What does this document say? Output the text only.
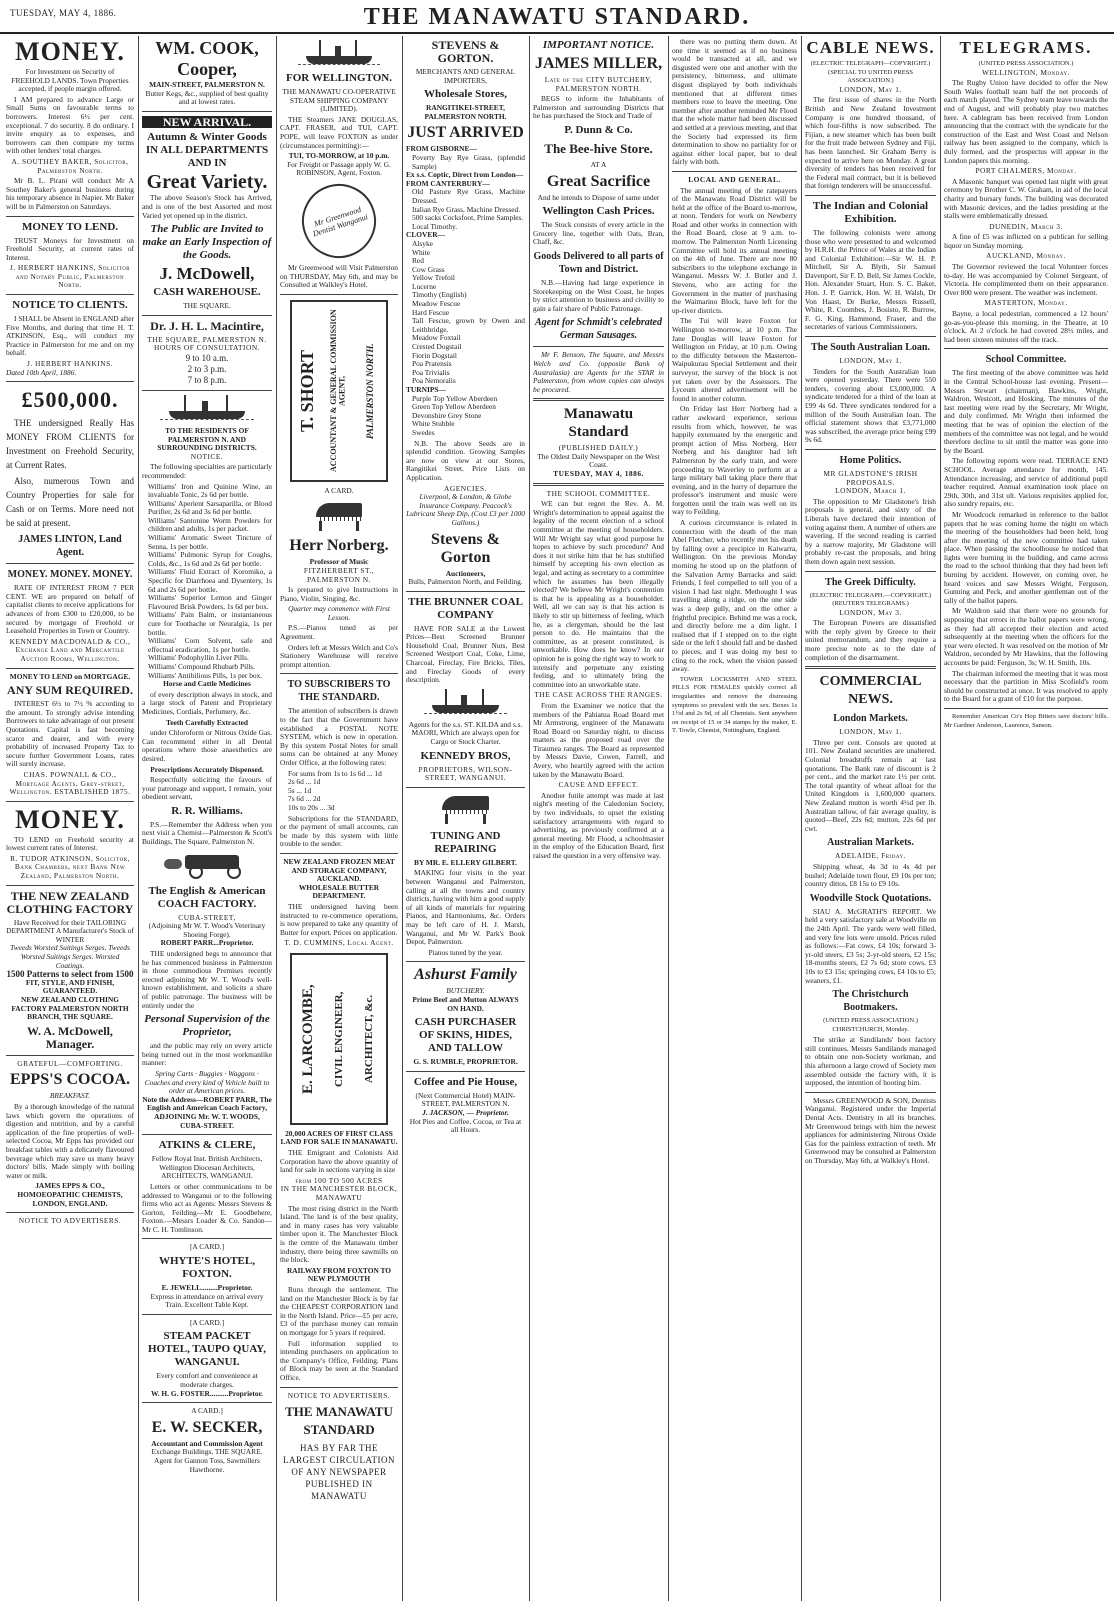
TUESDAY, MAY 4, 1886.	THE MANAWATU STANDARD.
MONEY.
For Investment on Security of FREEHOLD LANDS. Town Properties accepted, if people margin offered.
I AM prepared to advance Large or Small Sums on favourable terms to borrowers. Interest 6½ per cent. exceptional. 7 do security. 8 do ordinary. I invite enquiry as to expenses, and borrowers can then compare my terms with other lenders' total charges.
A. SOUTHEY BAKER, Solicitor, Palmerston North.
Mr B. L. Pirani will conduct Mr A Southey Baker's general business during his temporary absence in Napier. Mr Baker will be in Palmerston on Saturdays.
MONEY TO LEND.
TRUST Moneys for Investment on Freehold Security, at current rates of Interest.
J. HERBERT HANKINS, Solicitor and Notary Public, Palmerston North.
NOTICE TO CLIENTS.
I SHALL be Absent in ENGLAND after Five Months, and during that time H. T. ATKINSON, Esq., will conduct my Practice in Palmerston for me and on my behalf.
J. HERBERT HANKINS.
Dated 10th April, 1886.
£500,000.
THE undersigned Really Has MONEY FROM CLIENTS for Investment on Freehold Security, at Current Rates.
Also, numerous Town and Country Properties for sale for Cash or on Terms. More need not be said at present.
JAMES LINTON, Land Agent.
MONEY. MONEY. MONEY.
RATE OF INTEREST FROM 7 PER CENT. WE are prepared on behalf of capitalist clients to receive applications for advances of from £300 to £20,000, to be secured by mortgage of Freehold or Leasehold Properties in Town or Country.
KENNEDY MACDONALD & CO., Exchange Land and Mercantile Auction Rooms, Wellington.
MONEY TO LEND on MORTGAGE.
ANY SUM REQUIRED.
INTEREST 6½ to 7½ % according to the amount. To strongly advise intending Borrowers to take advantage of our present Quotations. Capital is fast becoming scarce and dearer, and with every probability of increased Property Tax to secure further Government Loans, rates will surely increase.
CHAS. POWNALL & CO., Mortgage Agents, Grey-street, Wellington. ESTABLISHED 1875.
MONEY.
TO LEND on Freehold security at lowest current rates of Interest.
R. TUDOR ATKINSON, Solicitor, Bank Chambers, next Bank New Zealand, Palmerston North.
THE NEW ZEALAND CLOTHING FACTORY
Have Received for their TAILORING DEPARTMENT A Manufacturer's Stock of WINTER
Tweeds Worsted Suitings Serges. Tweeds Worsted Suitings Serges. Worsted Coatings.
1500 Patterns to select from 1500
FIT, STYLE, AND FINISH, GUARANTEED.
NEW ZEALAND CLOTHING FACTORY PALMERSTON NORTH BRANCH, THE SQUARE.
W. A. McDowell, Manager.
GRATEFUL—COMFORTING.
EPPS'S COCOA.
BREAKFAST.
By a thorough knowledge of the natural laws which govern the operations of digestion and nutrition, and by a careful application of the fine properties of well-selected Cocoa, Mr Epps has provided our breakfast tables with a delicately flavoured beverage which may save us many heavy doctors' bills. Made simply with boiling water or milk.
JAMES EPPS & CO., HOMOEOPATHIC CHEMISTS, LONDON, ENGLAND.
NOTICE TO ADVERTISERS.
WM. COOK,
Cooper,
MAIN-STREET, PALMERSTON N.
Butter Kegs, &c., supplied of best quality and at lowest rates.
NEW ARRIVAL.
Autumn & Winter Goods IN ALL DEPARTMENTS AND IN
Great Variety.
The above Season's Stock has Arrived, and is one of the best Assorted and most Varied yet opened up in the district.
The Public are Invited to make an Early Inspection of the Goods.
J. McDowell,
CASH WAREHOUSE.
THE SQUARE.
Dr. J. H. L. Macintire,
THE SQUARE, PALMERSTON N.
HOURS OF CONSULTATION.
9 to 10 a.m.
2 to 3 p.m.
7 to 8 p.m.
TO THE RESIDENTS OF PALMERSTON N. AND SURROUNDING DISTRICTS.
NOTICE.
The following specialties are particularly recommended:
Williams' Iron and Quinine Wine, an invaluable Tonic, 2s 6d per bottle.
Williams' Aperient Sarsaparilla, or Blood Purifier, 2s 6d and 3s 6d per bottle.
Williams' Santonine Worm Powders for children and adults, 1s per packet.
Williams' Aromatic Sweet Tincture of Senna, 1s per bottle.
Williams' Pulmonic Syrup for Coughs, Colds, &c., 1s 6d and 2s 6d per bottle.
Williams' Fluid Extract of Koromiko, a Specific for Diarrhoea and Dysentery, 1s 6d and 2s 6d per bottle.
Williams' Superior Lemon and Ginger Flavoured Brisk Powders, 1s 6d per box.
Williams' Pain Balm, or instantaneous cure for Toothache or Neuralgia, 1s per bottle.
Williams' Corn Solvent, safe and effectual eradication, 1s per bottle.
Williams' Podophyllin Liver Pills.
Williams' Compound Rhubarb Pills.
Williams' Antibilious Pills, 1s per box.
Horse and Cattle Medicines
of every description always in stock, and a large stock of Patent and Proprietary Medicines, Cordials, Perfumery, &c.
Teeth Carefully Extracted
under Chloroform or Nitrous Oxide Gas. Can recommend either in all Dental operations where those anaesthetics are desired.
Prescriptions Accurately Dispensed.
Respectfully soliciting the favours of your patronage and support, I remain, your obedient servant,
R. R. Williams.
P.S.—Remember the Address when you next visit a Chemist—Palmerston & Scott's Buildings, The Square, Palmerston N.
The English & American COACH FACTORY.
CUBA-STREET,
(Adjoining Mr W. T. Wood's Veterinary Shoeing Forge).
ROBERT PARR...Proprietor.
THE undersigned begs to announce that he has commenced business in Palmerston in those commodious Premises recently erected adjoining Mr W. T. Wood's well-known establishment, and solicits a share of public patronage. The business will be entirely under the
Personal Supervision of the Proprietor,
and the public may rely on every article being turned out in the most workmanlike manner:
Spring Carts · Buggies · Waggons · Coaches and every kind of Vehicle built to order at American prices.
Note the Address—ROBERT PARR, The English and American Coach Factory, ADJOINING Mr. W. T. WOODS, CUBA-STREET.
ATKINS & CLERE,
Fellow Royal Inst. British Architects, Wellington Diocesan Architects, ARCHITECTS, WANGANUI.
Letters or other communications to be addressed to Wanganui or to the following firms who act as Agents: Messrs Stevens & Gorton, Feilding—Mr E. Goodbehere, Foxton.—Messrs Loader & Co. Sandon—Mr C. H. Tomlinson.
[A CARD.]
WHYTE'S HOTEL, FOXTON.
E. JEWELL.........Proprietor.
Express in attendance on arrival every Train. Excellent Table Kept.
[A CARD.]
STEAM PACKET HOTEL, TAUPO QUAY, WANGANUI.
Every comfort and convenience at moderate charges.
W. H. G. FOSTER..........Proprietor.
A CARD.]
E. W. SECKER,
Accountant and Commission Agent
Exchange Buildings, THE SQUARE. Agent for Gannon Toss, Sawmillers Hawthorne.
FOR WELLINGTON.
THE MANAWATU CO-OPERATIVE STEAM SHIPPING COMPANY (LIMITED).
THE Steamers JANE DOUGLAS, CAPT. FRASER, and TUI, CAPT. POPE, will leave FOXTON as under (circumstances permitting):—
TUI, TO-MORROW, at 10 p.m.
For Freight or Passage apply W. G. ROBINSON, Agent, Foxton.
Mr Greenwood Dentist Wanganui
Mr Greenwood will Visit Palmerston on THURSDAY, May 6th, and may be Consulted at Walkley's Hotel.
T. SHORT ACCOUNTANT & GENERAL COMMISSION AGENT, PALMERSTON NORTH.
A CARD.
Herr Norberg.
Professor of Music
FITZHERBERT ST., PALMERSTON N.
Is prepared to give Instructions in Piano, Violin, Singing, &c.
Quarter may commence with First Lesson.
P.S.—Pianos tuned as per Agreement.
Orders left at Messrs Welch and Co's Stationery Warehouse will receive prompt attention.
TO SUBSCRIBERS TO THE STANDARD.
The attention of subscribers is drawn to the fact that the Government have established a POSTAL NOTE SYSTEM, which is now in operation. By this system Postal Notes for small sums can be obtained at any Money Order Office, at the following rates:
For sums from 1s to 1s 6d ... 1d
2s 6d ... 1d
5s ... 1d
7s 6d ... 2d
10s to 20s ... 3d
Subscriptions for the STANDARD, or the payment of small accounts, can be made by this system with little trouble to the sender.
NEW ZEALAND FROZEN MEAT AND STORAGE COMPANY, AUCKLAND.
WHOLESALE BUTTER DEPARTMENT.
THE undersigned having been instructed to re-commence operations, is now prepared to take any quantity of Butter for export. Prices on application.
T. D. CUMMINS, Local Agent.
E. LARCOMBE, CIVIL ENGINEER, ARCHITECT, &c.
20,000 ACRES OF FIRST CLASS LAND FOR SALE IN MANAWATU.
THE Emigrant and Colonists Aid Corporation have the above quantity of land for sale in sections varying in size
from 100 TO 500 ACRES
IN THE MANCHESTER BLOCK, MANAWATU
The most rising district in the North Island. The land is of the best quality, and in many cases has very valuable timber upon it. The Manchester Block is the centre of the Manawatu timber industry, there being three sawmills on the block.
RAILWAY FROM FOXTON TO NEW PLYMOUTH
Runs through the settlement. The land on the Manchester Block is by far the CHEAPEST CORPORATION land in the North Island. Price—£5 per acre, £3 of the purchase money can remain on mortgage for 5 years if required.
Full information supplied to intending purchasers on application to the Company's Office, Feilding. Plans of Block may be seen at the Standard Office.
NOTICE TO ADVERTISERS.
THE MANAWATU STANDARD
HAS BY FAR THE LARGEST CIRCULATION OF ANY NEWSPAPER PUBLISHED IN MANAWATU
STEVENS & GORTON.
MERCHANTS AND GENERAL IMPORTERS,
Wholesale Stores,
RANGITIKEI-STREET, PALMERSTON NORTH.
JUST ARRIVED
FROM GISBORNE—
Poverty Bay Rye Grass, (splendid Sample)
Ex s.s. Coptic, Direct from London—
FROM CANTERBURY—
Old Pasture Rye Grass, Machine Dressed.
Italian Rye Grass, Machine Dressed.
500 sacks Cocksfoot, Prime Samples.
Local Timothy.
CLOVER—
Alsyke
White
Red
Cow Grass
Yellow Trefoil
Lucerne
Timothy (English)
Meadow Fescue
Hard Fescue
Tall Fescue, grown by Owen and Leithbridge.
Meadow Foxtail
Crested Dogstail
Fiorin Dogstail
Poa Pratensis
Poa Trivialis
Poa Nemoralis
TURNIPS—
Purple Top Yellow Aberdeen
Green Top Yellow Aberdeen
Devonshire Grey Stone
White Stubble
Swedes
N.B. The above Seeds are in splendid condition. Growing Samples are now on view at our Stores, Rangitikei Street. Price Lists on Application.
AGENCIES.
Liverpool, & London, & Globe Insurance Company. Peacock's Lubricant Sheep Dip, (Cost £3 per 1000 Gallons.)
Stevens & Gorton
Auctioneers,
Bulls, Palmerston North, and Feilding.
THE BRUNNER COAL COMPANY
HAVE FOR SALE at the Lowest Prices—Best Screened Brunner Household Coal, Brunner Nuts, Best Screened Westport Coal, Coke, Lime, Charcoal, Fireclay, Fire Bricks, Tiles, and Fireclay Goods of every description.
Agents for the s.s. ST. KILDA and s.s. MAORI, Which are always open for Cargo or Stock Charter.
KENNEDY BROS,
PROPRIETORS, WILSON-STREET, WANGANUI.
TUNING AND REPAIRING
BY MR. E. ELLERY GILBERT.
MAKING four visits in the year between Wanganui and Palmerston, calling at all the towns and country districts, having with him a good supply of all kinds of materials for repairing Pianos, and Harmoniums, &c. Orders may be left care of H. J. Marsh, Wanganui, and Mr W. Park's Book Depot, Palmerston.
Pianos tuned by the year.
Ashurst Family
BUTCHERY.
Prime Beef and Mutton ALWAYS ON HAND.
CASH PURCHASER OF SKINS, HIDES, AND TALLOW
G. S. RUMBLE, PROPRIETOR.
Coffee and Pie House,
(Next Commercial Hotel) MAIN-STREET, PALMERSTON N.
J. JACKSON, — Proprietor.
Hot Pies and Coffee, Cocoa, or Tea at all Hours.
IMPORTANT NOTICE.
JAMES MILLER,
Late of the CITY BUTCHERY, PALMERSTON NORTH.
BEGS to inform the Inhabitants of Palmerston and surrounding Districts that he has purchased the Stock and Trade of
P. Dunn & Co.
The Bee-hive Store.
AT A
Great Sacrifice
And he intends to Dispose of same under
Wellington Cash Prices.
The Stock consists of every article in the Grocery line, together with Oats, Bran, Chaff, &c.
Goods Delivered to all parts of Town and District.
N.B.—Having had large experience in Storekeeping on the West Coast, he hopes by strict attention to business and civility to gain a fair share of Public Patronage.
Agent for Schmidt's celebrated German Sausages.
Mr F. Benson, The Square, and Messrs Welch and Co. (opposite Bank of Australasia) are Agents for the STAR in Palmerston, from whom copies can always be procured.
Manawatu Standard
(PUBLISHED DAILY.)
The Oldest Daily Newspaper on the West Coast.
TUESDAY, MAY 4, 1886.
THE SCHOOL COMMITTEE.
WE can but regret the Rev. A. M. Wright's determination to appeal against the legality of the recent election of a school committee at the meeting of householders. Will Mr Wright say what good purpose he hopes to achieve by such procedure? And does it not strike him that he has stultified himself by accepting his own election as legal, and acting as secretary to a committee which he assumes has been illegally elected? We believe Mr Wright's contention is that he is appealing as a householder. Well, all we can say is that his action is likely to stir up bitterness of feeling, which he, as a clergyman, should be the last person to do. He maintains that the committee, as at present constituted, is unworkable. How does he know? In our opinion he is going the right way to work to intensify and perpetuate any existing feeling, and to ultimately bring the committee into an unworkable state.
THE CASE ACROSS THE RANGES.
From the Examiner we notice that the members of the Pahiatua Road Board met Mr Armstrong, engineer of the Manawatu Road Board on Saturday night, to discuss matters as the proposed road over the Tiraumea ranges. The Board as represented by Messrs Davie, Cowen, Farrell, and Avery, who heartily agreed with the action taken by the Manawatu Board.
CAUSE AND EFFECT.
Another futile attempt was made at last night's meeting of the Caledonian Society, by two individuals, to upset the existing satisfactory arrangements with regard to advertising, as previously confirmed at a general meeting. Mr Flood, a schoolmaster in the employ of the Education Board, first raised the question in a very offensive way.
there was no putting them down. At one time it seemed as if no business would be transacted at all, and we disgusted were one and another with the persistency, bitterness, and ultimate disgust displayed by both individuals mentioned that at different times members rose to leave the meeting. One member after another reminded Mr Flood that the whole matter had been discussed and settled at a previous meeting, and that the Society had expressed its firm determination to show no partiality for or against either local paper, but to deal fairly with both.
LOCAL AND GENERAL.
The annual meeting of the ratepayers of the Manawatu Road District will be held at the office of the Board to-morrow, at noon. Tenders for work on Newberry Road and other works in connection with the Road Board, close at 9 a.m. to-morrow. The Palmerston North Licensing Committee will hold its annual meeting on the 4th of June. There are now 80 subscribers to the telephone exchange in Wanganui. Messrs W. J. Butler and J. Stevens, who are acting for the Government in the matter of purchasing the Waimarino Block, have left for the up-river districts.
The Tui will leave Foxton for Wellington to-morrow, at 10 p.m. The Jane Douglas will leave Foxton for Wellington on Friday, at 10 p.m. Owing to the difficulty between the Masterton-Waipukurau Special Settlement and their surveyor, the survey of the block is not yet taken over by the Assessors. The Lyceum altered advertisement will be found in another column.
On Friday last Herr Norberg had a rather awkward experience, serious results from which, however, he was happily extenuated by the energetic and prompt action of Miss Norberg. Herr Norberg and his daughter had left Palmerston by the early train, and were proceeding to Waverley to perform at a large military ball taking place there that evening, and in the hurry of departure the professor's instrument and music were forgotten until the train was well on its way to Feilding.
A curious circumstance is related in connection with the death of the man Abel Fletcher, who recently met his death by falling over a precipice in Kaiwarra, Wellington. On the previous Monday morning he stood up on the platform of the Salvation Army Barracks and said: Friends, I feel compelled to tell you of a vision I had last night. Methought I was travelling along a ridge, on the one side was a deep gully, and on the other a frightful precipice. Behind me was a rock, and directly before me a dim light. I realised that if I stepped on to the right side or the left I should fall and be dashed to pieces, and I was doing my best to cling to the rock, when the vision passed away.
TOWER LOCKSMITH AND STEEL PILLS FOR FEMALES quickly correct all irregularities and remove the distressing symptoms so prevalent with the sex. Boxes 1s 1½d and 2s 9d, of all Chemists. Sent anywhere on receipt of 15 or 34 stamps by the maker, E. T. Towle, Chemist, Nottingham, England.
CABLE NEWS.
(ELECTRIC TELEGRAPH—COPYRIGHT.) (SPECIAL TO UNITED PRESS ASSOCIATION.)
LONDON, May 1.
The first issue of shares in the North British and New Zealand Investment Company is one hundred thousand, of which four-fifths is now subscribed. The Fijian, a new steamer which has been built for the fruit trade between Sydney and Fiji, has been launched. Sir Graham Berry is expected to arrive here on Monday. A great diversity of tenders has been received for the Federal mail contract, but it is believed that foreign tenderers will be unsuccessful.
The Indian and Colonial Exhibition.
The following colonists were among those who were presented to and welcomed by H.R.H. the Prince of Wales at the Indian and Colonial Exhibition:—Sir W. H. P. Mitchell, Sir A. Blyth, Sir Samuel Davenport, Sir F. D. Bell, Sir James Cockle, Hon. Alexander Stuart, Hon. S. C. Baker, Hon. J. P. Garrick, Hon. W. H. Walsh, Dr Von Haast, Dr Burke, Messrs Russell, White, R. Coombes, J. Bosisto, R. Burrow, F. G. King, Hammond, Fraser, and the secretaries of various Commissioners.
The South Australian Loan.
LONDON, May 1.
Tenders for the South Australian loan were opened yesterday. There were 550 tenders, covering about £3,000,000. A syndicate tendered for a third of the loan at £99 4s 6d. Three syndicates tendered for a million of the South Australian loan. The official statement shows that £3,771,000 was subscribed, the average price being £99 9s 6d.
Home Politics.
MR GLADSTONE'S IRISH PROPOSALS.
LONDON, March 1.
The opposition to Mr Gladstone's Irish proposals is general, and sixty of the Liberals have declared their intention of voting against them. A number of others are wavering. If the second reading is carried by a narrow majority, Mr Gladstone will probably re-cast the proposals, and bring them down again next session.
The Greek Difficulty.
(ELECTRIC TELEGRAPH.—COPYRIGHT.) (REUTER'S TELEGRAMS.)
LONDON, May 3.
The European Powers are dissatisfied with the reply given by Greece to their united memorandum, and they require a more precise note as to the date of completion of the disarmament.
COMMERCIAL NEWS.
London Markets.
LONDON, May 1.
Three per cent. Consols are quoted at 101. New Zealand securities are unaltered. Colonial breadstuffs remain at last quotations. The Bank rate of discount is 2 per cent., and the market rate 1½ per cent. The total quantity of wheat afloat for the United Kingdom is 1,600,000 quarters. New Zealand mutton is worth 4½d per lb. Australian tallow, of fair average quality, is quoted—Beef, 22s 6d; mutton, 22s 6d per cwt.
Australian Markets.
ADELAIDE, Friday.
Shipping wheat, 4s 3d to 4s 4d per bushel; Adelaide town flour, £9 10s per ton; country dittos, £8 15s to £9 10s.
Woodville Stock Quotations.
SIAU A. McGRATH'S REPORT. We held a very satisfactory sale at Woodville on the 24th April. The yards were well filled, and very few lots were unsold. Prices ruled as follows:—Fat cows, £4 10s; forward 3-yr-old steers, £3 5s; 2-yr-old steers, £2 15s; 18-months steers, £2 7s 6d; store cows, £3 10s to £3 15s; springing cows, £4 10s to £5; weaners, £1.
The Christchurch Bootmakers.
(UNITED PRESS ASSOCIATION.) CHRISTCHURCH, Monday.
The strike at Sandilands' boot factory still continues. Messrs Sandilands managed to obtain one non-Society workman, and this afternoon a large crowd of Society men assembled outside the factory with, it is supposed, the intention of hooting him.
Messrs GREENWOOD & SON, Dentists Wanganui. Registered under the Imperial Dental Acts. Dentistry in all its branches. Mr Greenwood brings with him the newest appliances for administering Nitrous Oxide Gas for the painless extraction of teeth. Mr Greenwood may be consulted at Palmerston on Thursday, May 6th, at Walkley's Hotel.
TELEGRAMS.
(UNITED PRESS ASSOCIATION.)
WELLINGTON, Monday.
The Rugby Union have decided to offer the New South Wales football team half the net proceeds of each match played. The Sydney team leave towards the end of August, and will probably play two matches here. A cablegram has been received from London announcing that the contract with the syndicate for the construction of the East and West Coast and Nelson railway has been assigned to the company, which is duly formed, and the prospectus will appear in the London papers this morning.
PORT CHALMERS, Monday.
A Masonic banquet was opened last night with great ceremony by Brother C. W. Graham, in aid of the local charity and bursary funds. The building was decorated with Masonic devices, and the ladies presiding at the stalls were emblematically dressed.
DUNEDIN, March 3.
A fine of £5 was inflicted on a publican for selling liquor on Sunday morning.
AUCKLAND, Monday.
The Governor reviewed the local Volunteer forces to-day. He was accompanied by Colonel Sergeant, of Victoria. He complimented them on their appearance. Over 800 were present. The weather was inclement.
MASTERTON, Monday.
Bayne, a local pedestrian, commenced a 12 hours' go-as-you-please this morning, in the Theatre, at 10 o'clock. At 2 o'clock he had covered 28½ miles, and had been sixteen minutes off the track.
School Committee.
The first meeting of the above committee was held in the Central School-house last evening. Present—Messrs Stewart (chairman), Hawkins, Wright, Waldron, Westcott, and Hosking. The minutes of the last meeting were read by the Secretary, Mr Wright, and duly confirmed. Mr Wright then informed the meeting that he was of opinion the election of the members of the committee was not legal, and he would therefore decline to sit until the matter was gone into by the Board.
The following reports were read. TERRACE END SCHOOL. Average attendance for month, 145. Attendance increasing, and service of additional pupil teacher required. Annual examination took place on 29th, 30th, and 31st ult. Various requisites applied for, also sundry repairs, etc.
Mr Woodcock remarked in reference to the ballot papers that he was coming home the night on which the meeting of the householders had been held, long after the meeting of the new committee had taken place. When passing the schoolhouse he noticed that lights were burning in the building, and came across the road to the school thinking that they had been left burning by accident. However, on coming over, he heard voices and saw Messrs Wright, Ferguson, Gunning and Peck, and another gentleman out of the tally of the ballot papers.
Mr Waldron said that there were no grounds for supposing that errors in the ballot papers were wrong, as they had all accepted their election and acted subsequently at the meeting when the officers for the year were elected. It was resolved on the motion of Mr Waldron, seconded by Mr Hawkins, that the following accounts be paid: Ferguson, 3s; W. H. Smith, 10s.
The chairman informed the meeting that it was most necessary that the partition in Miss Scofield's room should be constructed at once. It was resolved to apply to the Board for a grant of £10 for the purpose.
Remember American Co's Hop Bitters save doctors' bills. Mr Gardner Anderson, Laurence, Sanson.
